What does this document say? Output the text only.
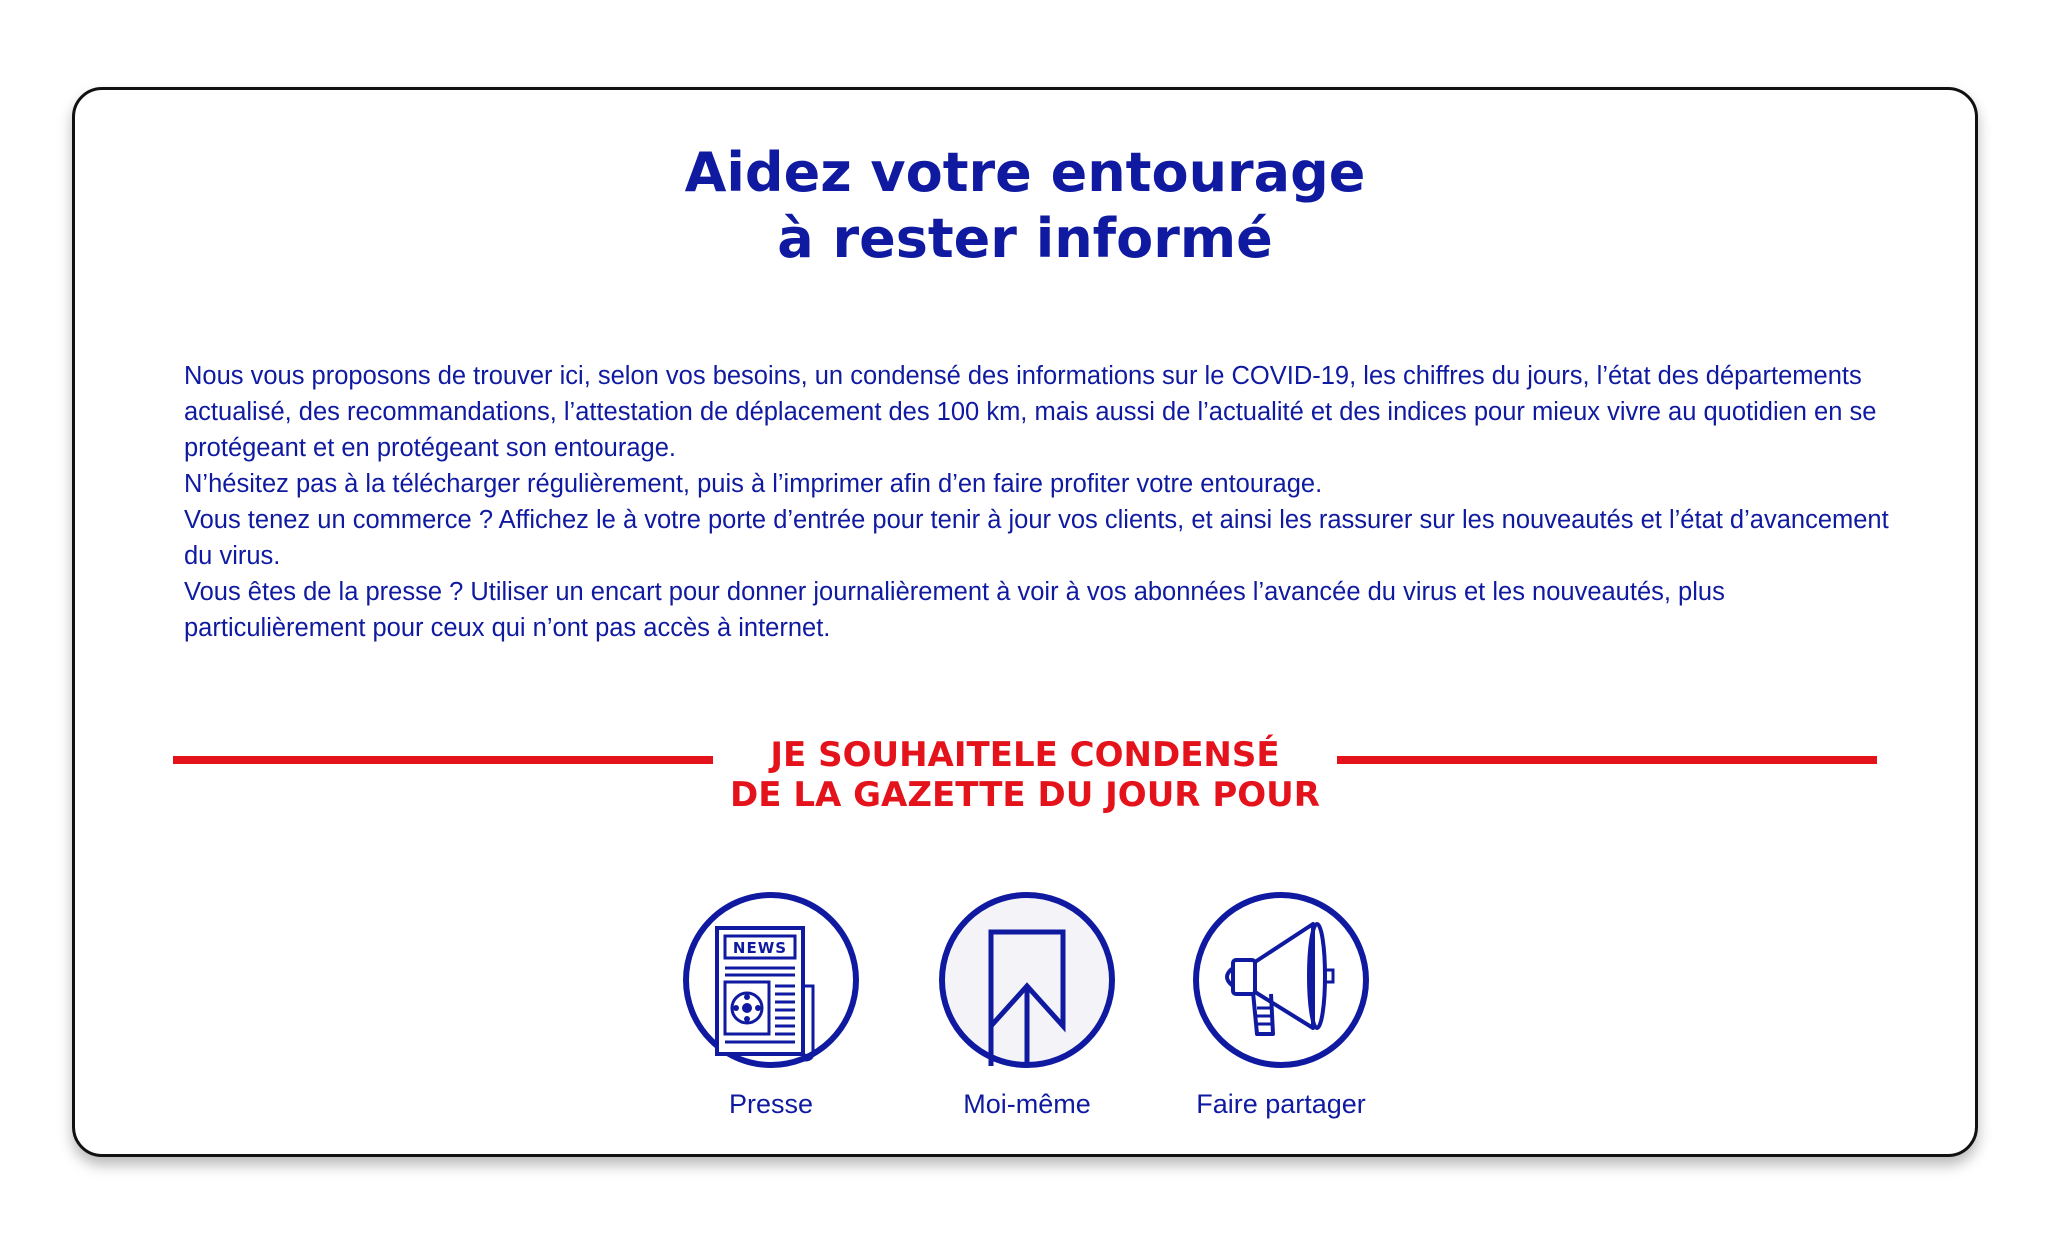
Aidez votre entourage
à rester informé

Nous vous proposons de trouver ici, selon vos besoins, un condensé des informations sur le COVID-19, les chiffres du jours, l’état des départements actualisé, des recommandations, l’attestation de déplacement des 100 km, mais aussi de l’actualité et des indices pour mieux vivre au quotidien en se protégeant et en protégeant son entourage.

N’hésitez pas à la télécharger régulièrement, puis à l’imprimer afin d’en faire profiter votre entourage.

Vous tenez un commerce ? Affichez le à votre porte d’entrée pour tenir à jour vos clients, et ainsi les rassurer sur les nouveautés et l’état d’avancement du virus.

Vous êtes de la presse ? Utiliser un encart pour donner journalièrement à voir à vos abonnées l’avancée du virus et les nouveautés, plus particulièrement pour ceux qui n’ont pas accès à internet.

JE SOUHAITELE CONDENSÉ
DE LA GAZETTE DU JOUR POUR
NEWS
Presse	Moi-même	Faire partager
